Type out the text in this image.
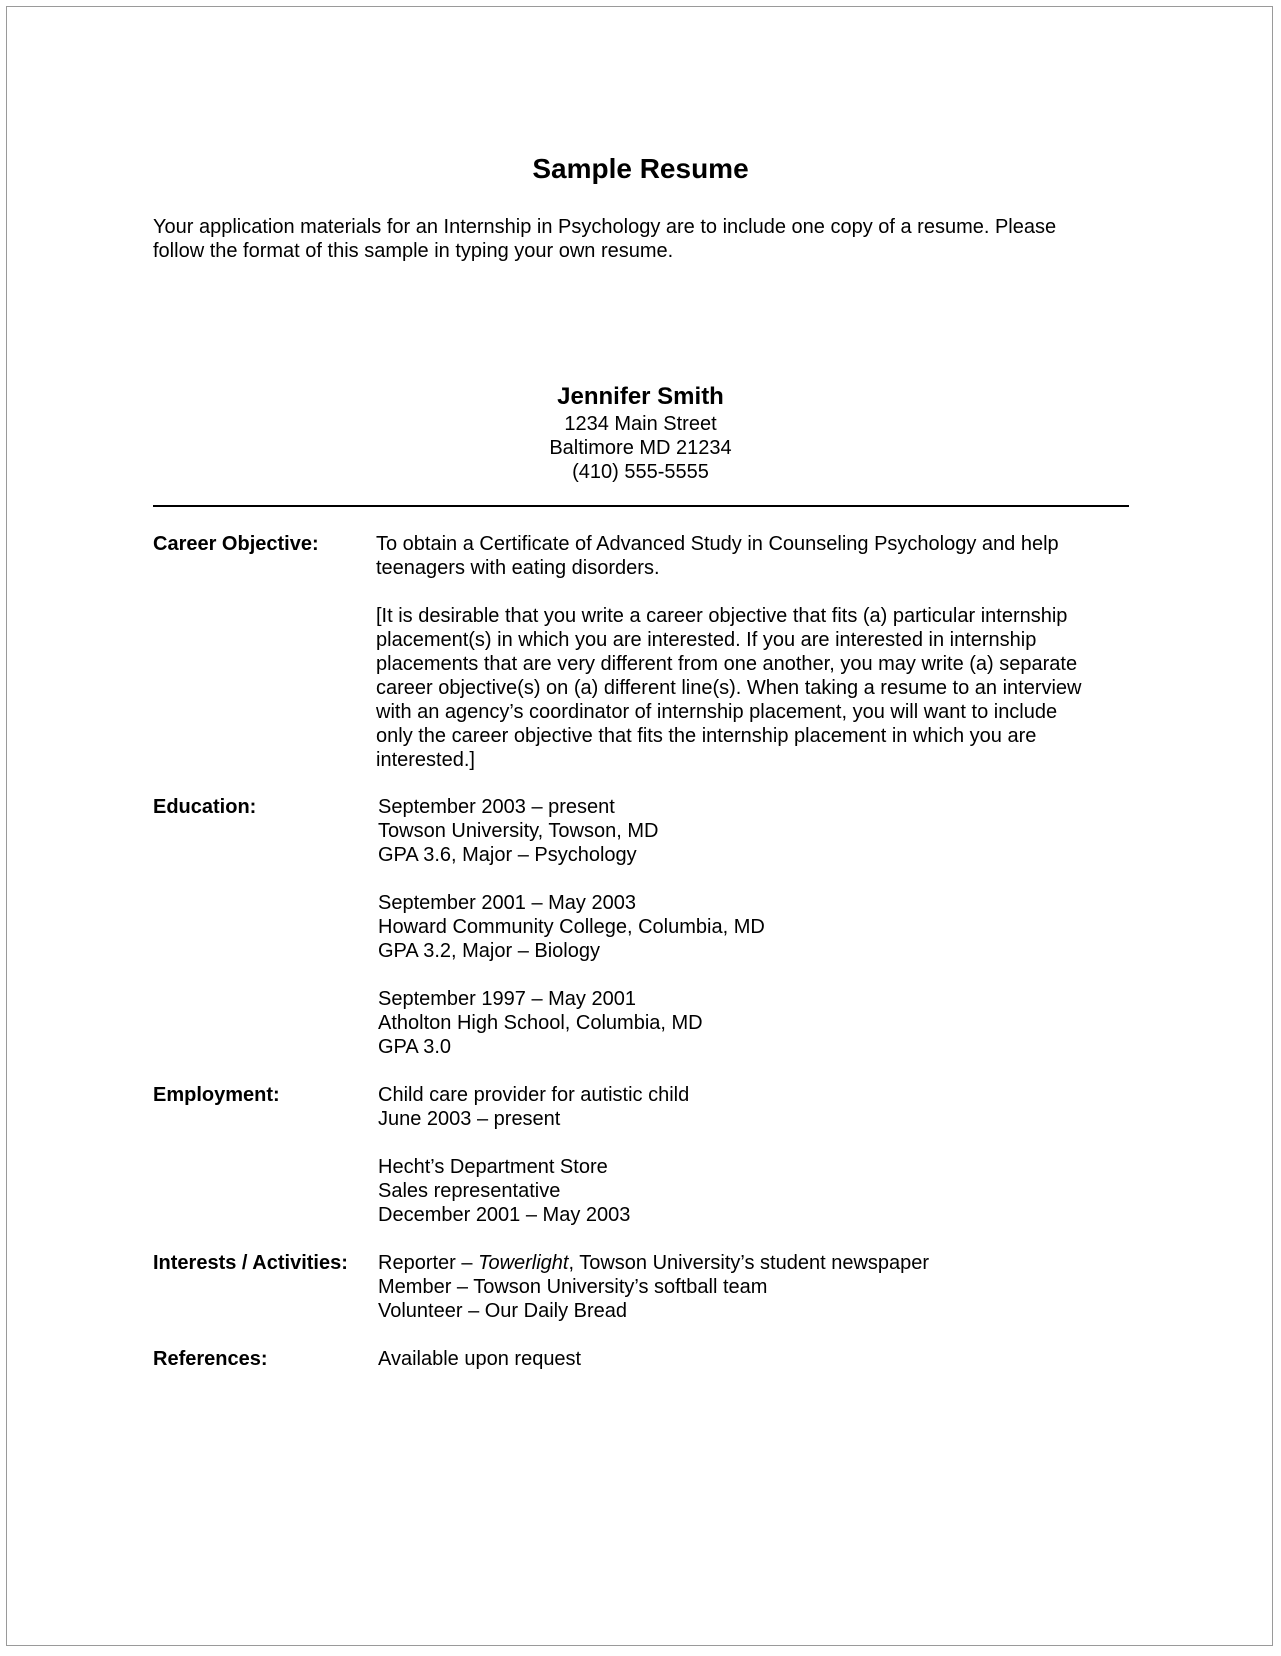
Sample Resume
Your application materials for an Internship in Psychology are to include one copy of a resume. Please
follow the format of this sample in typing your own resume.
Jennifer Smith
1234 Main Street
Baltimore MD 21234
(410) 555-5555
Career Objective:	To obtain a Certificate of Advanced Study in Counseling Psychology and help
teenagers with eating disorders.
[It is desirable that you write a career objective that fits (a) particular internship
placement(s) in which you are interested. If you are interested in internship
placements that are very different from one another, you may write (a) separate
career objective(s) on (a) different line(s). When taking a resume to an interview
with an agency’s coordinator of internship placement, you will want to include
only the career objective that fits the internship placement in which you are
interested.]
Education:	September 2003 – present
Towson University, Towson, MD
GPA 3.6, Major – Psychology
September 2001 – May 2003
Howard Community College, Columbia, MD
GPA 3.2, Major – Biology
September 1997 – May 2001
Atholton High School, Columbia, MD
GPA 3.0
Employment:	Child care provider for autistic child
June 2003 – present
Hecht’s Department Store
Sales representative
December 2001 – May 2003
Interests / Activities: Reporter – Towerlight, Towson University’s student newspaper
Member – Towson University’s softball team
Volunteer – Our Daily Bread
References:	Available upon request
